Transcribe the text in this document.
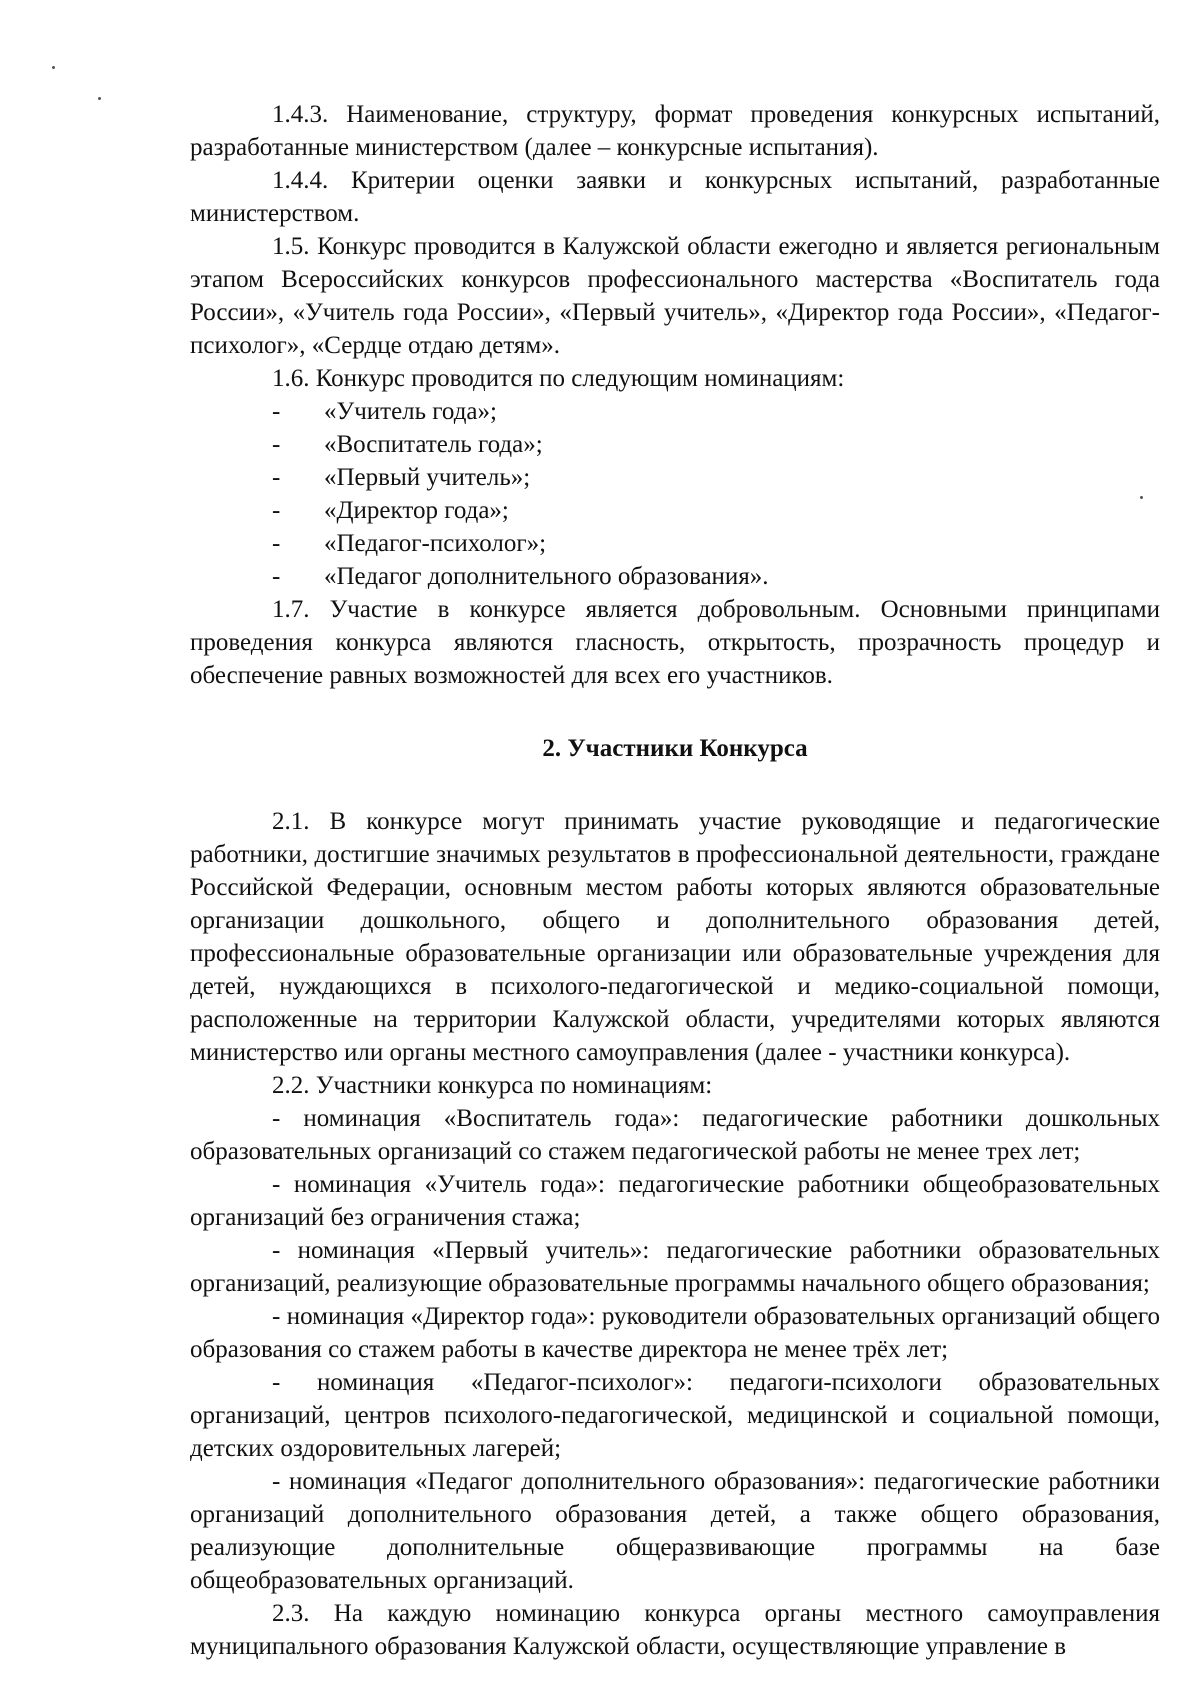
1.4.3. Наименование, структуру, формат проведения конкурсных испытаний, разработанные министерством (далее – конкурсные испытания).

1.4.4. Критерии оценки заявки и конкурсных испытаний, разработанные министерством.

1.5. Конкурс проводится в Калужской области ежегодно и является региональным этапом Всероссийских конкурсов профессионального мастерства «Воспитатель года России», «Учитель года России», «Первый учитель», «Директор года России», «Педагог-психолог», «Сердце отдаю детям».

1.6. Конкурс проводится по следующим номинациям:

- «Учитель года»;

- «Воспитатель года»;

- «Первый учитель»;

- «Директор года»;

- «Педагог-психолог»;

- «Педагог дополнительного образования».

1.7. Участие в конкурсе является добровольным. Основными принципами проведения конкурса являются гласность, открытость, прозрачность процедур и обеспечение равных возможностей для всех его участников.

2. Участники Конкурса

2.1. В конкурсе могут принимать участие руководящие и педагогические работники, достигшие значимых результатов в профессиональной деятельности, граждане Российской Федерации, основным местом работы которых являются образовательные организации дошкольного, общего и дополнительного образования детей, профессиональные образовательные организации или образовательные учреждения для детей, нуждающихся в психолого-педагогической и медико-социальной помощи, расположенные на территории Калужской области, учредителями которых являются министерство или органы местного самоуправления (далее - участники конкурса).

2.2. Участники конкурса по номинациям:

- номинация «Воспитатель года»: педагогические работники дошкольных образовательных организаций со стажем педагогической работы не менее трех лет;

- номинация «Учитель года»: педагогические работники общеобразовательных организаций без ограничения стажа;

- номинация «Первый учитель»: педагогические работники образовательных организаций, реализующие образовательные программы начального общего образования;

- номинация «Директор года»: руководители образовательных организаций общего образования со стажем работы в качестве директора не менее трёх лет;

- номинация «Педагог-психолог»: педагоги-психологи образовательных организаций, центров психолого-педагогической, медицинской и социальной помощи, детских оздоровительных лагерей;

- номинация «Педагог дополнительного образования»: педагогические работники организаций дополнительного образования детей, а также общего образования, реализующие дополнительные общеразвивающие программы на базе общеобразовательных организаций.

2.3. На каждую номинацию конкурса органы местного самоуправления муниципального образования Калужской области, осуществляющие управление в
